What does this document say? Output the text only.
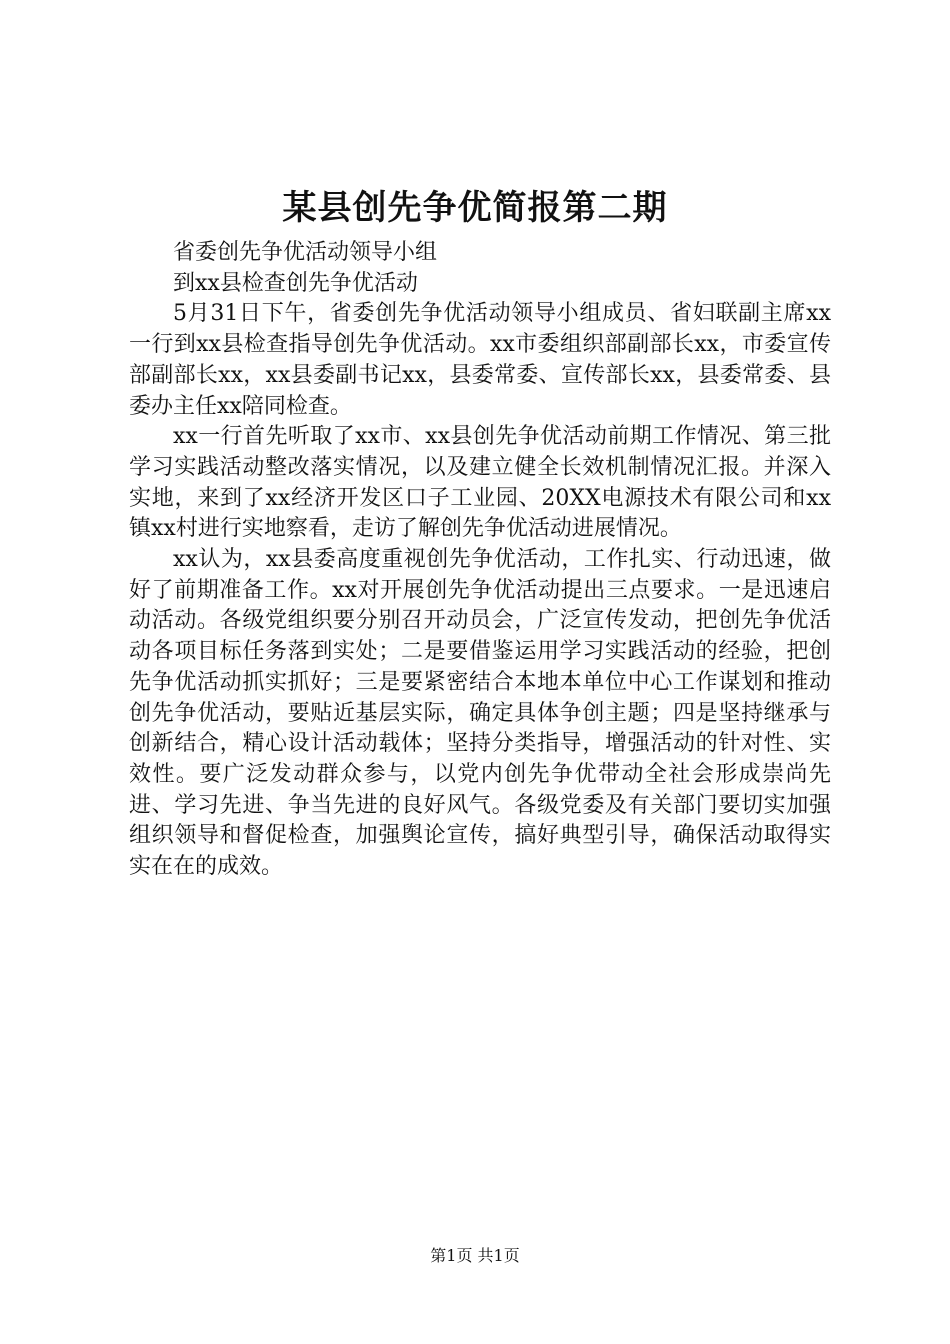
某县创先争优简报第二期

省委创先争优活动领导小组

到xx县检查创先争优活动

5月31日下午，省委创先争优活动领导小组成员、省妇联副主席xx一行到xx县检查指导创先争优活动。xx市委组织部副部长xx，市委宣传部副部长xx，xx县委副书记xx，县委常委、宣传部长xx，县委常委、县委办主任xx陪同检查。

xx一行首先听取了xx市、xx县创先争优活动前期工作情况、第三批学习实践活动整改落实情况，以及建立健全长效机制情况汇报。并深入实地，来到了xx经济开发区口子工业园、20XX电源技术有限公司和xx镇xx村进行实地察看，走访了解创先争优活动进展情况。

xx认为，xx县委高度重视创先争优活动，工作扎实、行动迅速，做好了前期准备工作。xx对开展创先争优活动提出三点要求。一是迅速启动活动。各级党组织要分别召开动员会，广泛宣传发动，把创先争优活动各项目标任务落到实处；二是要借鉴运用学习实践活动的经验，把创先争优活动抓实抓好；三是要紧密结合本地本单位中心工作谋划和推动创先争优活动，要贴近基层实际，确定具体争创主题；四是坚持继承与创新结合，精心设计活动载体；坚持分类指导，增强活动的针对性、实效性。要广泛发动群众参与，以党内创先争优带动全社会形成崇尚先进、学习先进、争当先进的良好风气。各级党委及有关部门要切实加强组织领导和督促检查，加强舆论宣传，搞好典型引导，确保活动取得实实在在的成效。

第1页 共1页
